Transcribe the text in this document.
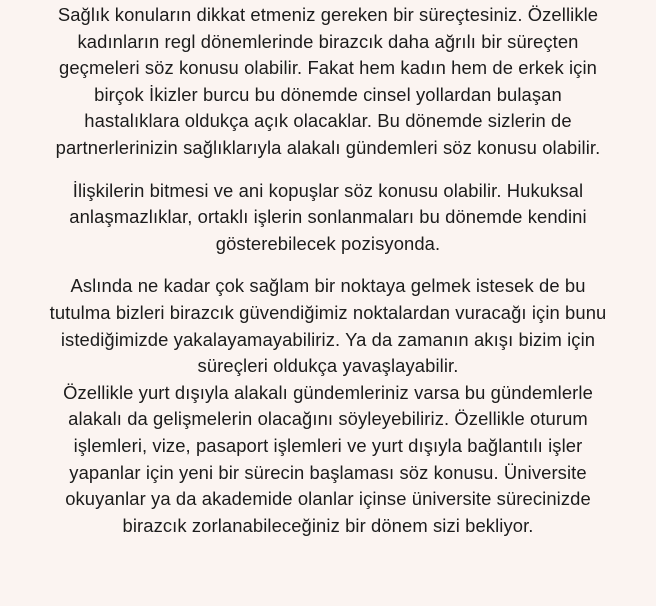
Sağlık konuların dikkat etmeniz gereken bir süreçtesiniz. Özellikle
kadınların regl dönemlerinde birazcık daha ağrılı bir süreçten
geçmeleri söz konusu olabilir. Fakat hem kadın hem de erkek için
birçok İkizler burcu bu dönemde cinsel yollardan bulaşan
hastalıklara oldukça açık olacaklar. Bu dönemde sizlerin de
partnerlerinizin sağlıklarıyla alakalı gündemleri söz konusu olabilir.

İlişkilerin bitmesi ve ani kopuşlar söz konusu olabilir. Hukuksal
anlaşmazlıklar, ortaklı işlerin sonlanmaları bu dönemde kendini
gösterebilecek pozisyonda.

Aslında ne kadar çok sağlam bir noktaya gelmek istesek de bu
tutulma bizleri birazcık güvendiğimiz noktalardan vuracağı için bunu
istediğimizde yakalayamayabiliriz. Ya da zamanın akışı bizim için
süreçleri oldukça yavaşlayabilir.
Özellikle yurt dışıyla alakalı gündemleriniz varsa bu gündemlerle
alakalı da gelişmelerin olacağını söyleyebiliriz. Özellikle oturum
işlemleri, vize, pasaport işlemleri ve yurt dışıyla bağlantılı işler
yapanlar için yeni bir sürecin başlaması söz konusu. Üniversite
okuyanlar ya da akademide olanlar içinse üniversite sürecinizde
birazcık zorlanabileceğiniz bir dönem sizi bekliyor.
